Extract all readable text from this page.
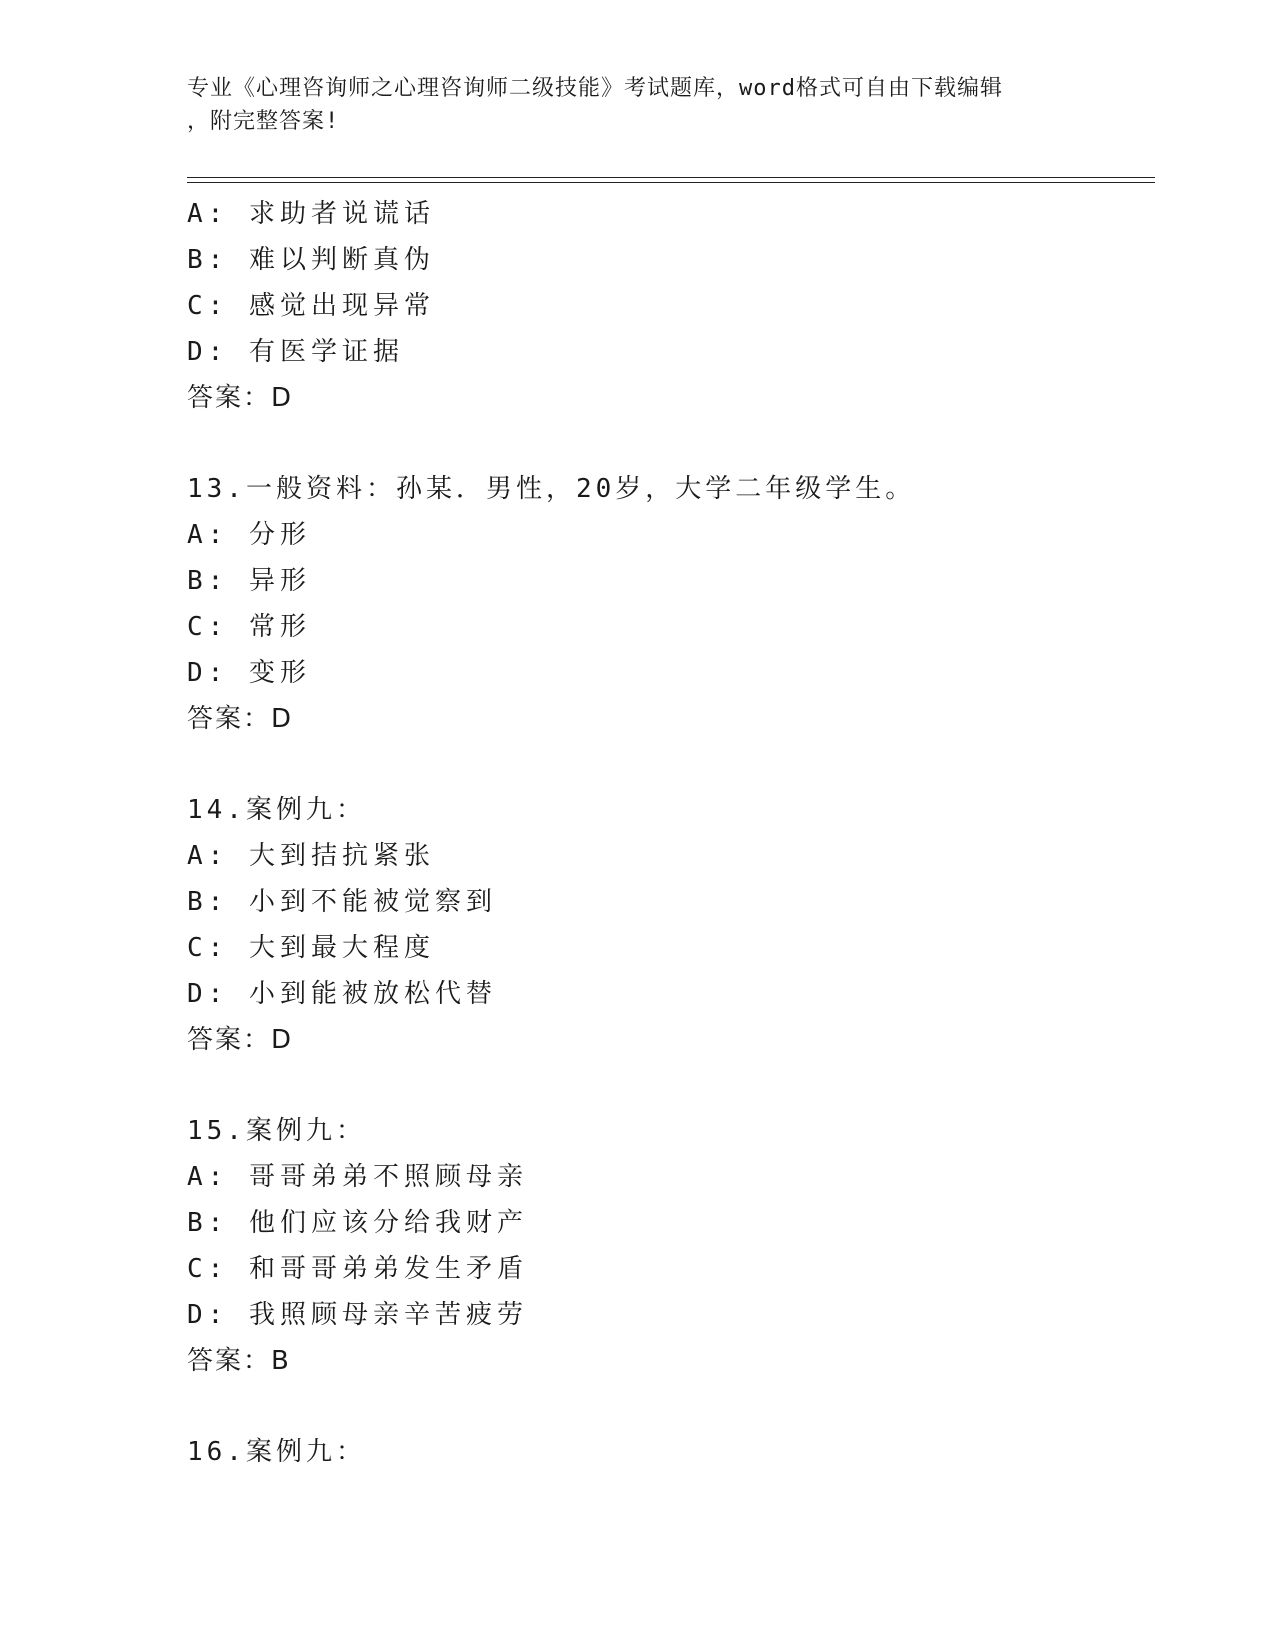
专业《心理咨询师之心理咨询师二级技能》考试题库，word格式可自由下载编辑
，附完整答案!
A: 求助者说谎话
B: 难以判断真伪
C: 感觉出现异常
D: 有医学证据
答案：D
13.一般资料：孙某．男性，20岁，大学二年级学生。
A: 分形
B: 异形
C: 常形
D: 变形
答案：D
14.案例九：
A: 大到拮抗紧张
B: 小到不能被觉察到
C: 大到最大程度
D: 小到能被放松代替
答案：D
15.案例九：
A: 哥哥弟弟不照顾母亲
B: 他们应该分给我财产
C: 和哥哥弟弟发生矛盾
D: 我照顾母亲辛苦疲劳
答案：B
16.案例九：
